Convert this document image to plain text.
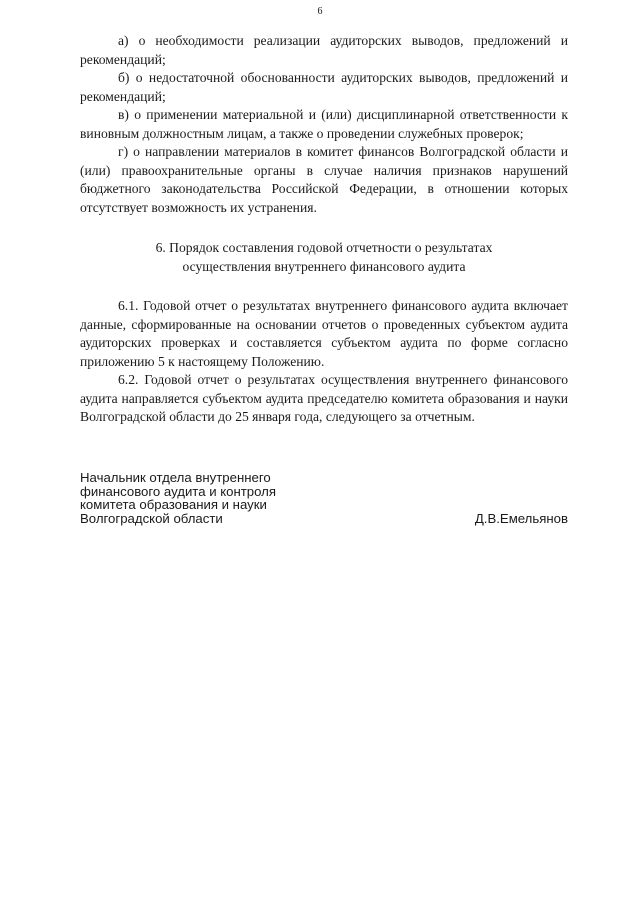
6

а) о необходимости реализации аудиторских выводов, предложений и рекомендаций;

б) о недостаточной обоснованности аудиторских выводов, предложений и рекомендаций;

в) о применении материальной и (или) дисциплинарной ответственности к виновным должностным лицам, а также о проведении служебных проверок;

г) о направлении материалов в комитет финансов Волгоградской области и (или) правоохранительные органы в случае наличия признаков нарушений бюджетного законодательства Российской Федерации, в отношении которых отсутствует возможность их устранения.

6. Порядок составления годовой отчетности о результатах
осуществления внутреннего финансового аудита

6.1. Годовой отчет о результатах внутреннего финансового аудита включает данные, сформированные на основании отчетов о проведенных субъектом аудита аудиторских проверках и составляется субъектом аудита по форме согласно приложению 5 к настоящему Положению.

6.2. Годовой отчет о результатах осуществления внутреннего финансового аудита направляется субъектом аудита председателю комитета образования и науки Волгоградской области до 25 января года, следующего за отчетным.

Начальник отдела внутреннего
финансового аудита и контроля
комитета образования и науки
Волгоградской области	Д.В.Емельянов
